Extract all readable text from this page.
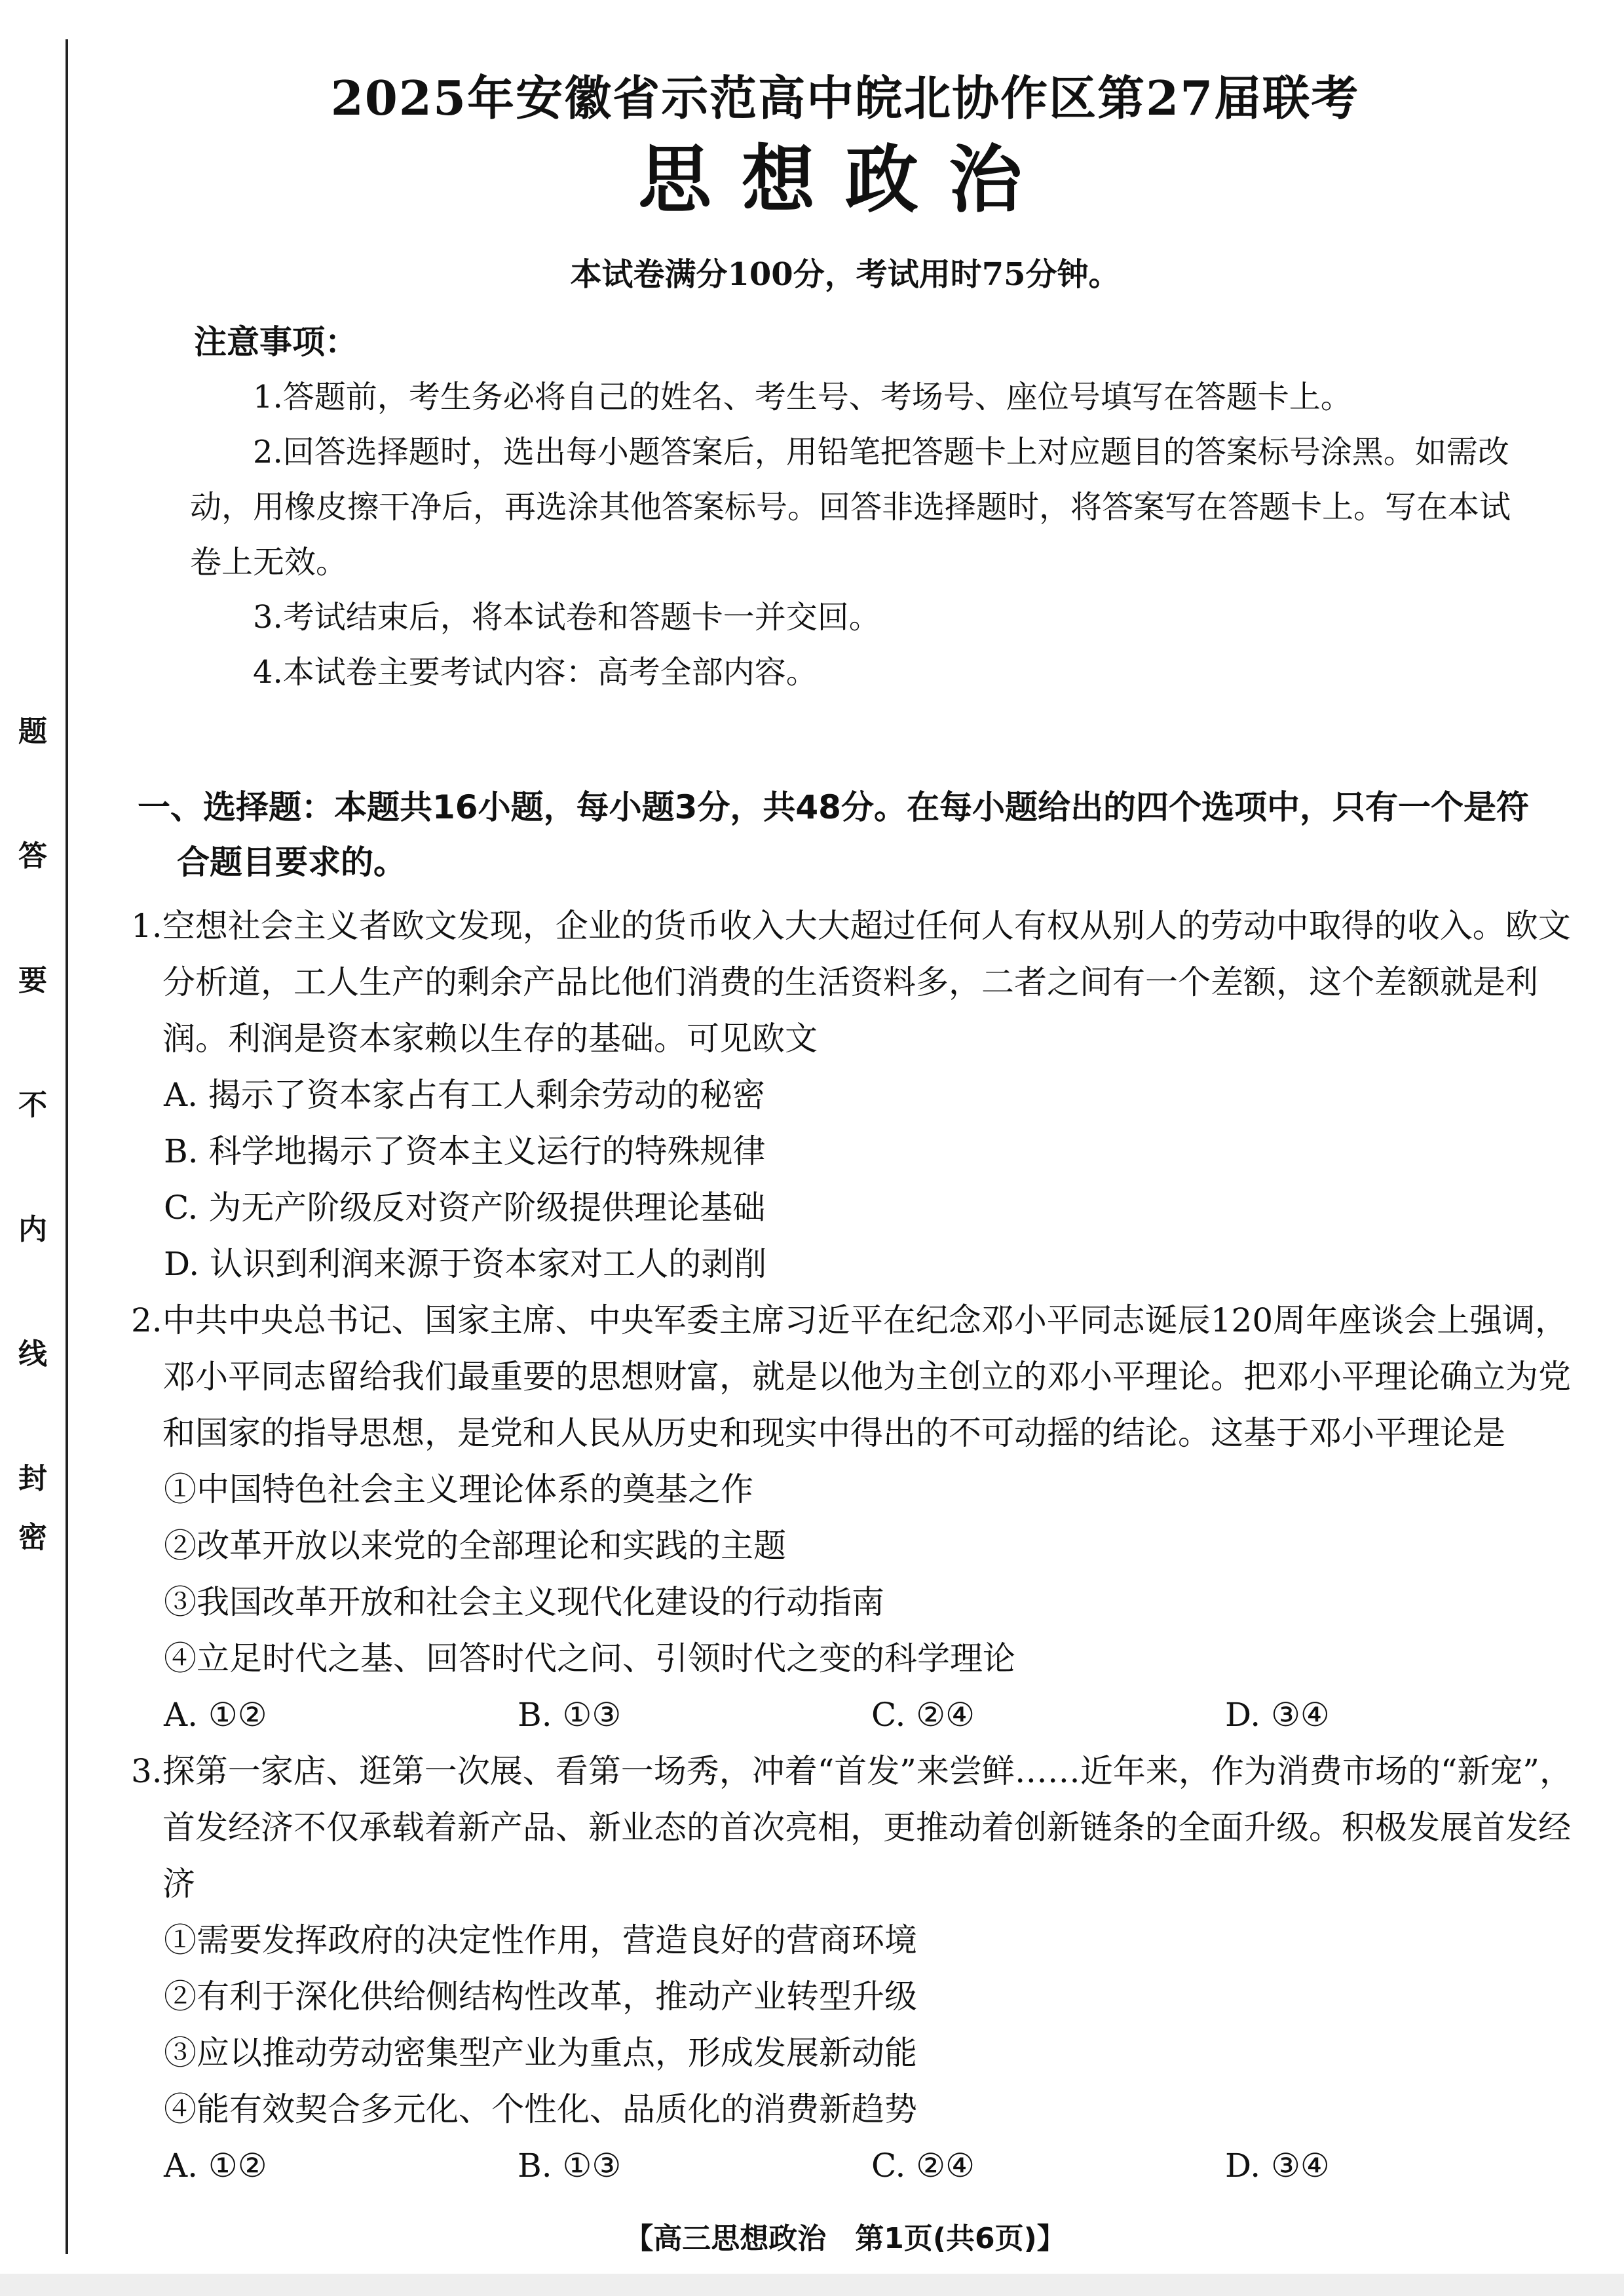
题
答
要
不
内
线
封
密
2025年安徽省示范高中皖北协作区第27届联考
思想政治
本试卷满分100分，考试用时75分钟。
注意事项：
1.答题前，考生务必将自己的姓名、考生号、考场号、座位号填写在答题卡上。
2.回答选择题时，选出每小题答案后，用铅笔把答题卡上对应题目的答案标号涂黑。如需改动，用橡皮擦干净后，再选涂其他答案标号。回答非选择题时，将答案写在答题卡上。写在本试卷上无效。
3.考试结束后，将本试卷和答题卡一并交回。
4.本试卷主要考试内容：高考全部内容。
一、选择题：本题共16小题，每小题3分，共48分。在每小题给出的四个选项中，只有一个是符
合题目要求的。
1.空想社会主义者欧文发现，企业的货币收入大大超过任何人有权从别人的劳动中取得的收入。欧文分析道，工人生产的剩余产品比他们消费的生活资料多，二者之间有一个差额，这个差额就是利润。利润是资本家赖以生存的基础。可见欧文
A. 揭示了资本家占有工人剩余劳动的秘密
B. 科学地揭示了资本主义运行的特殊规律
C. 为无产阶级反对资产阶级提供理论基础
D. 认识到利润来源于资本家对工人的剥削
2.中共中央总书记、国家主席、中央军委主席习近平在纪念邓小平同志诞辰120周年座谈会上强调，邓小平同志留给我们最重要的思想财富，就是以他为主创立的邓小平理论。把邓小平理论确立为党和国家的指导思想，是党和人民从历史和现实中得出的不可动摇的结论。这基于邓小平理论是
①中国特色社会主义理论体系的奠基之作
②改革开放以来党的全部理论和实践的主题
③我国改革开放和社会主义现代化建设的行动指南
④立足时代之基、回答时代之问、引领时代之变的科学理论
A. ①②	B. ①③	C. ②④	D. ③④
3.探第一家店、逛第一次展、看第一场秀，冲着“首发”来尝鲜……近年来，作为消费市场的“新宠”，首发经济不仅承载着新产品、新业态的首次亮相，更推动着创新链条的全面升级。积极发展首发经济
①需要发挥政府的决定性作用，营造良好的营商环境
②有利于深化供给侧结构性改革，推动产业转型升级
③应以推动劳动密集型产业为重点，形成发展新动能
④能有效契合多元化、个性化、品质化的消费新趋势
A. ①②	B. ①③	C. ②④	D. ③④
【高三思想政治　第1页(共6页)】
